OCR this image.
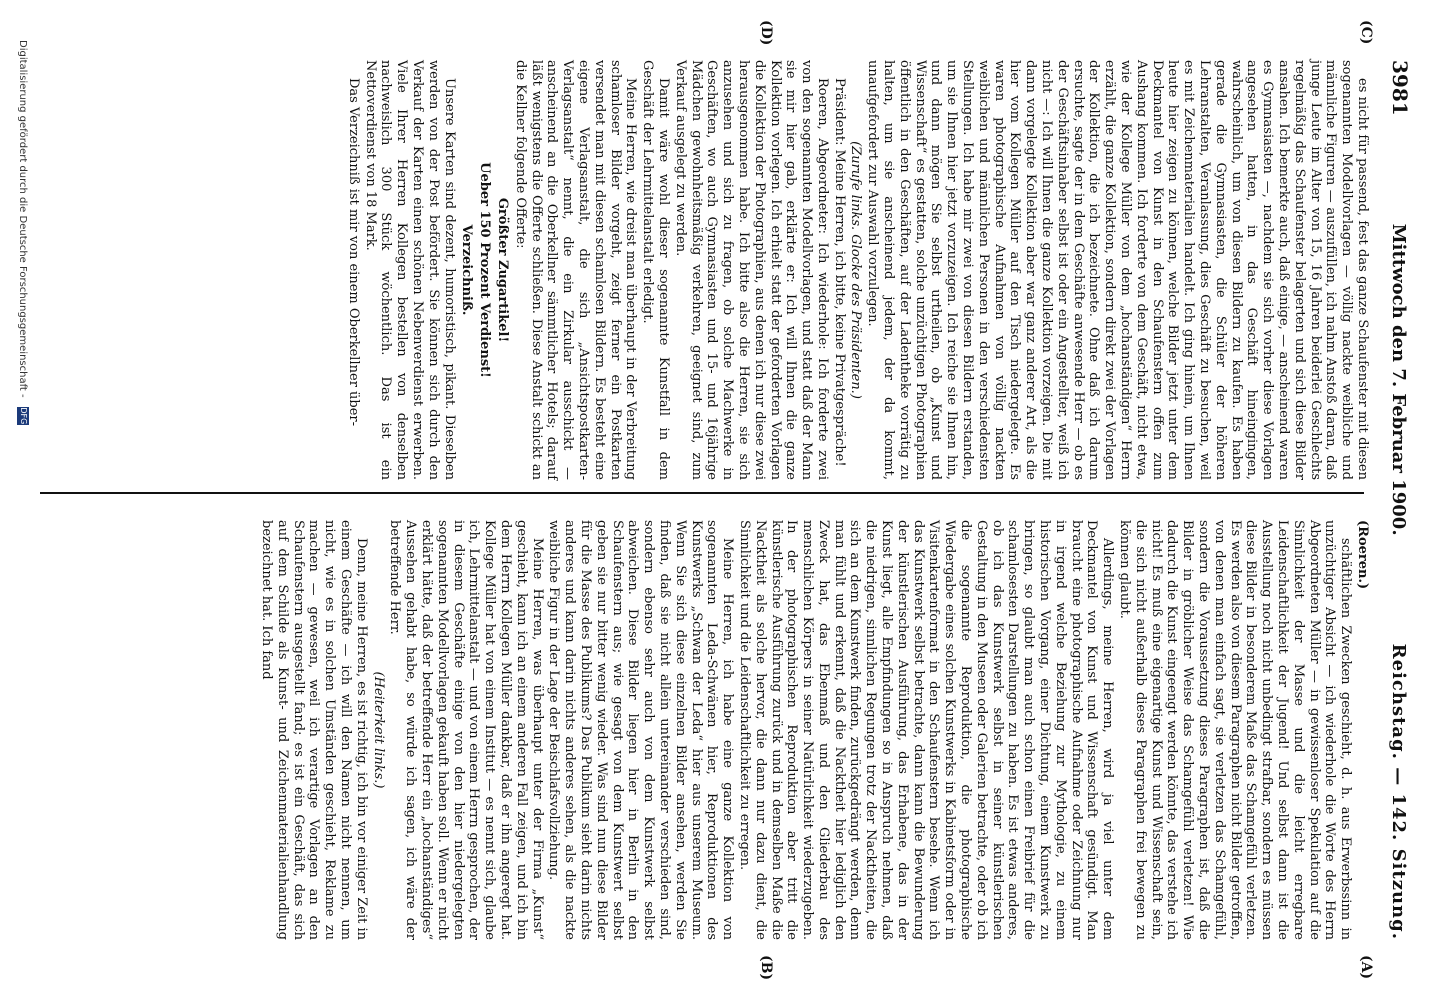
3981
Mittwoch den 7. Februar 1900.
Reichstag. — 142. Sitzung.
(A)
(B)
(C)
(D)

es nicht für passend, fest das ganze Schaufenster mit diesen sogenannten Modellvorlagen — völlig nackte weibliche und männliche Figuren — auszufüllen, ich nahm Anstoß daran, daß junge Leute im Alter von 15, 16 Jahren beiderlei Geschlechts regelmäßig das Schaufenster belagerten und sich diese Bilder ansahen. Ich bemerkte auch, daß einige, — anscheinend waren es Gymnasiasten —, nachdem sie sich vorher diese Vorlagen angesehen hatten, in das Geschäft hineingingen, wahrscheinlich, um von diesen Bildern zu kaufen. Es haben gerade die Gymnasiasten, die Schüler der höheren Lehranstalten, Veranlassung, dies Geschäft zu besuchen, weil es mit Zeichenmaterialien handelt. Ich ging hinein, um Ihnen heute hier zeigen zu können, welche Bilder jetzt unter dem Deckmantel von Kunst in den Schaufenstern offen zum Aushang kommen. Ich forderte von dem Geschäft, nicht etwa, wie der Kollege Müller von dem „hochanständigen“ Herrn erzählt, die ganze Kollektion, sondern direkt zwei der Vorlagen der Kollektion, die ich bezeichnete. Ohne daß ich darum ersuchte, sagte der in dem Geschäfte anwesende Herr — ob es der Geschäftsinhaber selbst ist oder ein Angestellter, weiß ich nicht —: Ich will Ihnen die ganze Kollektion vorzeigen. Die mit dann vorgelegte Kollektion aber war ganz anderer Art, als die hier vom Kollegen Müller auf den Tisch niedergelegte. Es waren photographische Aufnahmen von völlig nackten weiblichen und männlichen Personen in den verschiedensten Stellungen. Ich habe mir zwei von diesen Bildern erstanden, um sie Ihnen hier jetzt vorzuzeigen. Ich reiche sie Ihnen hin, und dann mögen Sie selbst urtheilen, ob „Kunst und Wissenschaft“ es gestatten, solche unzüchtigen Photographien öffentlich in den Geschäften, auf der Ladentheke vorrätig zu halten, um sie anscheinend jedem, der da kommt, unaufgefordert zur Auswahl vorzulegen.

(Zurufe links. Glocke des Präsidenten.)

Präsident: Meine Herren, ich bitte, keine Privatgespräche!

Roeren, Abgeordneter: Ich wiederhole: Ich forderte zwei von den sogenannten Modellvorlagen, und statt daß der Mann sie mir hier gab, erklärte er: Ich will Ihnen die ganze Kollektion vorlegen. Ich erhielt statt der geforderten Vorlagen die Kollektion der Photographien, aus denen ich nur diese zwei herausgenommen habe. Ich bitte also die Herren, sie sich anzusehen und sich zu fragen, ob solche Machwerke in Geschäften, wo auch Gymnasiasten und 15- und 16jährige Mädchen gewohnheitsmäßig verkehren, geeignet sind, zum Verkauf ausgelegt zu werden.

Damit wäre wohl dieser sogenannte Kunstfall in dem Geschäft der Lehrmittelanstalt erledigt.

Meine Herren, wie dreist man überhaupt in der Verbreitung schamloser Bilder vorgeht, zeigt ferner ein Postkarten versendet man mit diesen schamlosen Bildern. Es besteht eine eigene Verlagsanstalt, die sich „Ansichtspostkarten-Verlagsanstalt“ nennt, die ein Zirkular ausschickt — anscheinend an die Oberkellner sämmtlicher Hotels; darauf läßt wenigstens die Offerte schließen. Diese Anstalt schickt an die Kellner folgende Offerte:

Größter Zugartikel!

Ueber 150 Prozent Verdienst!

Verzeichniß.

Unsere Karten sind dezent, humoristisch, pikant. Dieselben werden von der Post befördert. Sie können sich durch den Verkauf der Karten einen schönen Nebenverdienst erwerben. Viele Ihrer Herren Kollegen bestellen von denselben nachweislich 300 Stück wöchentlich. Das ist ein Nettoverdienst von 18 Mark.

Das Verzeichniß ist mir von einem Oberkellner über-

(Roeren.)

schäftlichen Zwecken geschieht, d. h. aus Erwerbssinn in unzüchtiger Absicht — ich wiederhole die Worte des Herrn Abgeordneten Müller — in gewissenloser Spekulation auf die Sinnlichkeit der Masse und die leicht erregbare Leidenschaftlichkeit der Jugend! Und selbst dann ist die Ausstellung noch nicht unbedingt strafbar, sondern es müssen diese Bilder in besonderem Maße das Schamgefühl verletzen. Es werden also von diesem Paragraphen nicht Bilder getroffen, von denen man einfach sagt, sie verletzen das Schamgefühl, sondern die Voraussetzung dieses Paragraphen ist, daß die Bilder in gröblicher Weise das Schamgefühl verletzen! Wie dadurch die Kunst eingeengt werden könnte, das verstehe ich nicht! Es muß eine eigenartige Kunst und Wissenschaft sein, die sich nicht außerhalb dieses Paragraphen frei bewegen zu können glaubt.

Allerdings, meine Herren, wird ja viel unter dem Deckmantel von Kunst und Wissenschaft gesündigt. Man braucht eine photographische Aufnahme oder Zeichnung nur in irgend welche Beziehung zur Mythologie, zu einem historischen Vorgang, einer Dichtung, einem Kunstwerk zu bringen, so glaubt man auch schon einen Freibrief für die schamlosesten Darstellungen zu haben. Es ist etwas anderes, ob ich das Kunstwerk selbst in seiner künstlerischen Gestaltung in den Museen oder Galerien betrachte, oder ob ich die sogenannte Reproduktion, die photographische Wiedergabe eines solchen Kunstwerks in Kabinetsform oder in Visitenkartenformat in den Schaufenstern besehe. Wenn ich das Kunstwerk selbst betrachte, dann kann die Bewunderung der künstlerischen Ausführung, das Erhabene, das in der Kunst liegt, alle Empfindungen so in Anspruch nehmen, daß die niedrigen, sinnlichen Regungen trotz der Nacktheiten, die sich an dem Kunstwerk finden, zurückgedrängt werden, denn man fühlt und erkennt, daß die Nacktheit hier lediglich den Zweck hat, das Ebenmaß und den Gliederbau des menschlichen Körpers in seiner Natürlichkeit wiederzugeben. In der photographischen Reproduktion aber tritt die künstlerische Ausführung zurück und in demselben Maße die Nacktheit als solche hervor, die dann nur dazu dient, die Sinnlichkeit und die Leidenschaftlichkeit zu erregen.

Meine Herren, ich habe eine ganze Kollektion von sogenannten Leda-Schwänen hier, Reproduktionen des Kunstwerks „Schwan der Leda“ hier aus unserem Museum. Wenn Sie sich diese einzelnen Bilder ansehen, werden Sie finden, daß sie nicht allein untereinander verschieden sind, sondern ebenso sehr auch von dem Kunstwerk selbst abweichen. Diese Bilder liegen hier in Berlin in den Schaufenstern aus; wie gesagt von dem Kunstwert selbst geben sie nur bitter wenig wieder. Was sind nun diese Bilder für die Masse des Publikums? Das Publikum sieht darin nichts anderes und kann darin nichts anderes sehen, als die nackte weibliche Figur in der Lage der Beischlafsvollziehung.

Meine Herren, was überhaupt unter der Firma „Kunst“ geschieht, kann ich an einem anderen Fall zeigen, und ich bin dem Herrn Kollegen Müller dankbar, daß er ihn angeregt hat. Kollege Müller hat von einem Institut — es nennt sich, glaube ich, Lehrmittelanstalt — und von einem Herrn gesprochen, der in diesem Geschäfte einige von den hier niedergelegten sogenannten Modellvorlagen gekauft haben soll. Wenn er nicht erklärt hätte, daß der betreffende Herr ein „hochanständiges“ Aussehen gehabt habe, so würde ich sagen, ich wäre der betreffende Herr.

(Heiterkeit links.)

Denn, meine Herren, es ist richtig, ich bin vor einiger Zeit in einem Geschäfte — ich will den Namen nicht nennen, um nicht, wie es in solchen Umständen geschieht, Reklame zu machen — gewesen, weil ich verartige Vorlagen an den Schaufenstern ausgestellt fand; es ist ein Geschäft, das sich auf dem Schilde als Kunst- und Zeichenmaterialienhandlung bezeichnet hat. Ich fand

Digitalisierung gefördert durch die Deutsche Forschungsgemeinschaft - DFG
